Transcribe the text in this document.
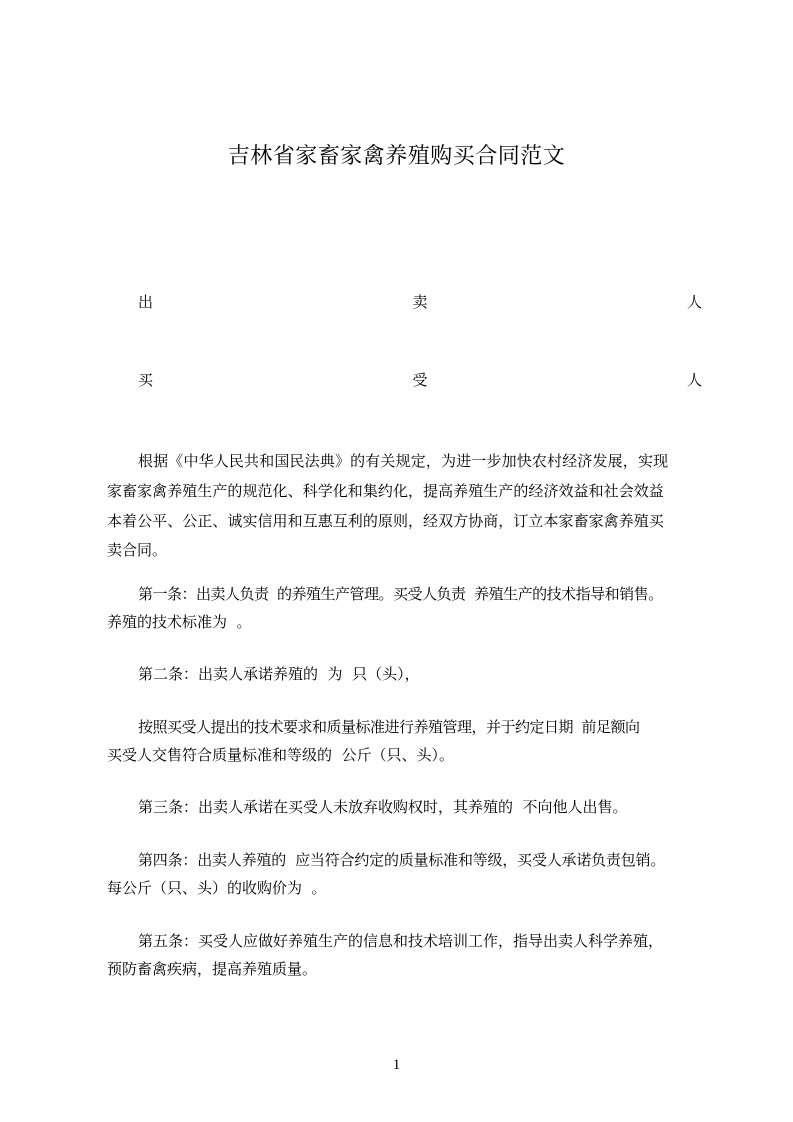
吉林省家畜家禽养殖购买合同范文
出	卖	人
买	受	人
根据《中华人民共和国民法典》的有关规定，为进一步加快农村经济发展，实现
家畜家禽养殖生产的规范化、科学化和集约化，提高养殖生产的经济效益和社会效益
本着公平、公正、诚实信用和互惠互利的原则，经双方协商，订立本家畜家禽养殖买
卖合同。
第一条：出卖人负责  的养殖生产管理。买受人负责  养殖生产的技术指导和销售。
养殖的技术标准为  。
第二条：出卖人承诺养殖的  为  只（头），
按照买受人提出的技术要求和质量标准进行养殖管理，并于约定日期  前足额向
买受人交售符合质量标准和等级的  公斤（只、头）。
第三条：出卖人承诺在买受人未放弃收购权时，其养殖的  不向他人出售。
第四条：出卖人养殖的  应当符合约定的质量标准和等级，买受人承诺负责包销。
每公斤（只、头）的收购价为  。
第五条：买受人应做好养殖生产的信息和技术培训工作，指导出卖人科学养殖，
预防畜禽疾病，提高养殖质量。
1
